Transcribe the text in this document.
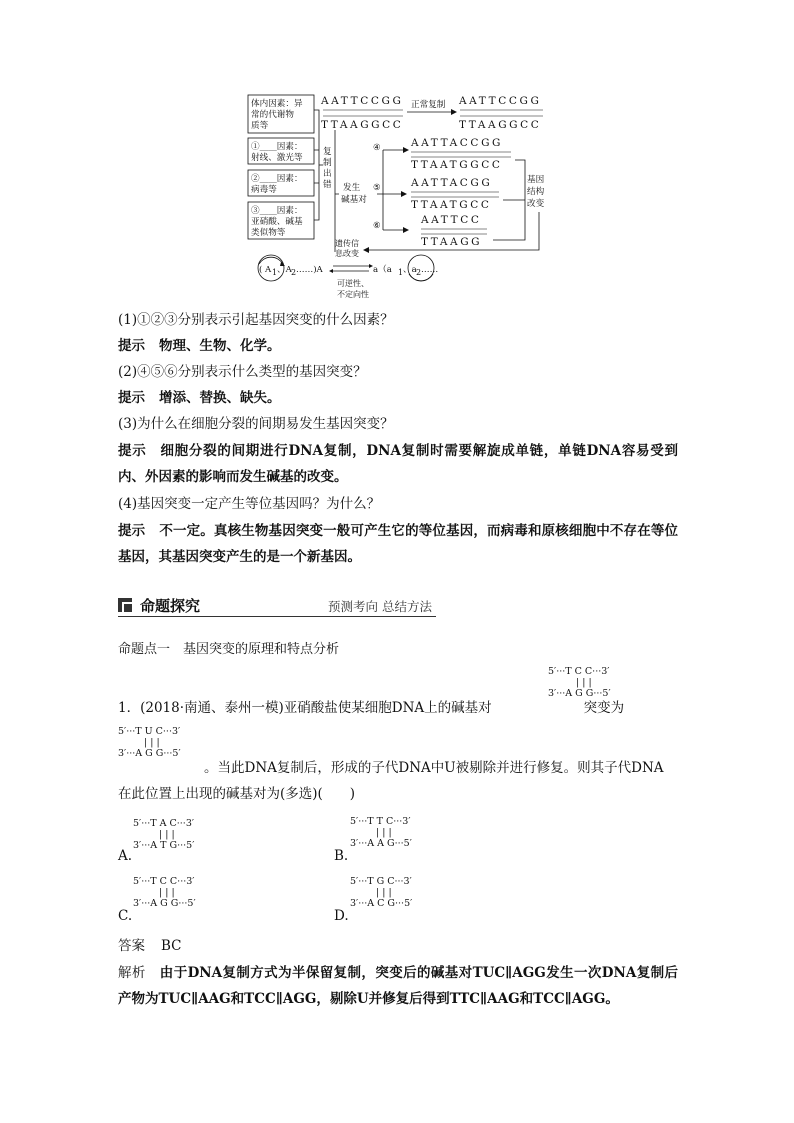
体内因素：异
常的代谢物
质等
①____因素：
射线、激光等
②____因素：
病毒等
③____因素：
亚硝酸、碱基
类似物等
AATTCCGG
TTAAGGCC
正常复制 AATTCCGG
TTAAGGCC
复
制
出
错 发生
碱基对
④	AATTACCGG
TTAATGGCC
⑤	AATTACGG
TTAATGCC
⑥	AATTCC
TTAAGG
基因
结构
改变
遗传信
息改变
( A 1 、A 2 ……)A	a（a 1 、a 2 ……
可逆性、
不定向性
(1)①②③分别表示引起基因突变的什么因素？
提示 物理、生物、化学。
(2)④⑤⑥分别表示什么类型的基因突变？
提示 增添、替换、缺失。
(3)为什么在细胞分裂的间期易发生基因突变？
提示 细胞分裂的间期进行DNA复制，DNA复制时需要解旋成单链，单链DNA容易受到内、外因素的影响而发生碱基的改变。
(4)基因突变一定产生等位基因吗？为什么？
提示 不一定。真核生物基因突变一般可产生它的等位基因，而病毒和原核细胞中不存在等位基因，其基因突变产生的是一个新基因。
命题探究	预测考向 总结方法
命题点一　基因突变的原理和特点分析
5′···T C C···3′
| | |
3′···A G G···5′
1．(2018·南通、泰州一模)亚硝酸盐使某细胞DNA上的碱基对	突变为
5′···T U C···3′
| | |
3′···A G G···5′
。当此DNA复制后，形成的子代DNA中U被剔除并进行修复。则其子代DNA
在此位置上出现的碱基对为(多选)(　　)
5′···T A C···3′
| | |
3′···A T G···5′
A.
5′···T T C···3′
| | |
3′···A A G···5′
B.
5′···T C C···3′
| | |
3′···A G G···5′
C.
5′···T G C···3′
| | |
3′···A C G···5′
D.
答案 BC
解析 由于DNA复制方式为半保留复制，突变后的碱基对TUC∥AGG发生一次DNA复制后产物为TUC∥AAG和TCC∥AGG，剔除U并修复后得到TTC∥AAG和TCC∥AGG。
